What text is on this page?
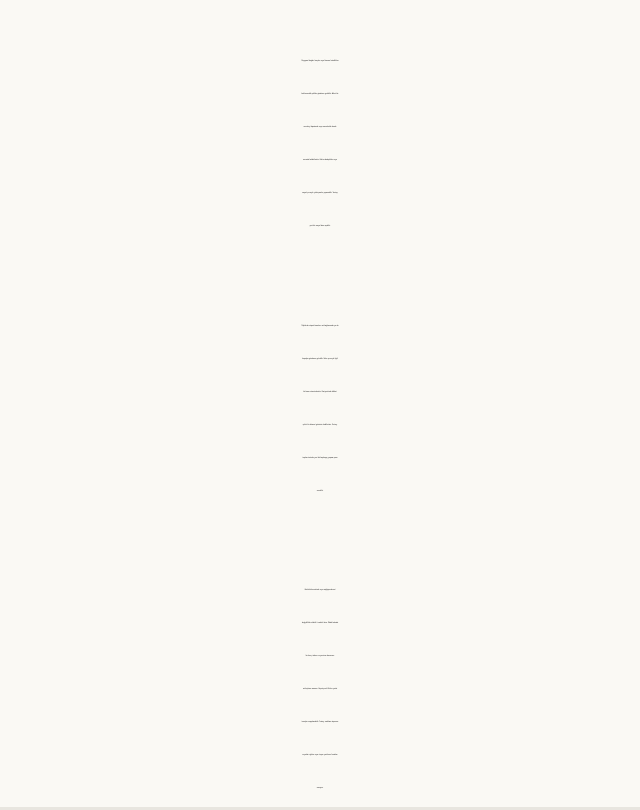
Duygusal bağlar, borçlar veya finansal ortaklıklar
beklenmedik şekilde gündeme gelebilir. Ailevi bir
meseleyi kapatmak veya sorumluluk almak
zorunda kalabilirsiniz. Eski arkadaşlıklar veya
sosyal çevreyle yüzleşmeler yaşanabilir. Yeniay,
yeni bir sosyal alan açabilir.
İlişkilerde sürpriz kararlar, ani bağlanmalar ya da
kopuşlar gündeme gelebilir. Yakın çevreyle ilgili
bir karar sürecindesiniz. Kariyerinizde dikkat
çekici bir dönem; görünür olabilirsiniz. Yeniay,
toplum önünde yeni bir başlangıç yapma şansı
verebilir.
Günlük düzeninizde veya sağlığınızda ani
değişiklikler olabilir; temkinli olun. Maddi alanda
bir borç, ödeme veya miras konusunu
netleştirme zamanı. Geçmişe ait fikirler ya da
inançlar sorgulanabilir. Yeniay, uzaklara taşınma,
seyahat, eğitim veya vizyon yenileme fırsatları
sunuyor.
